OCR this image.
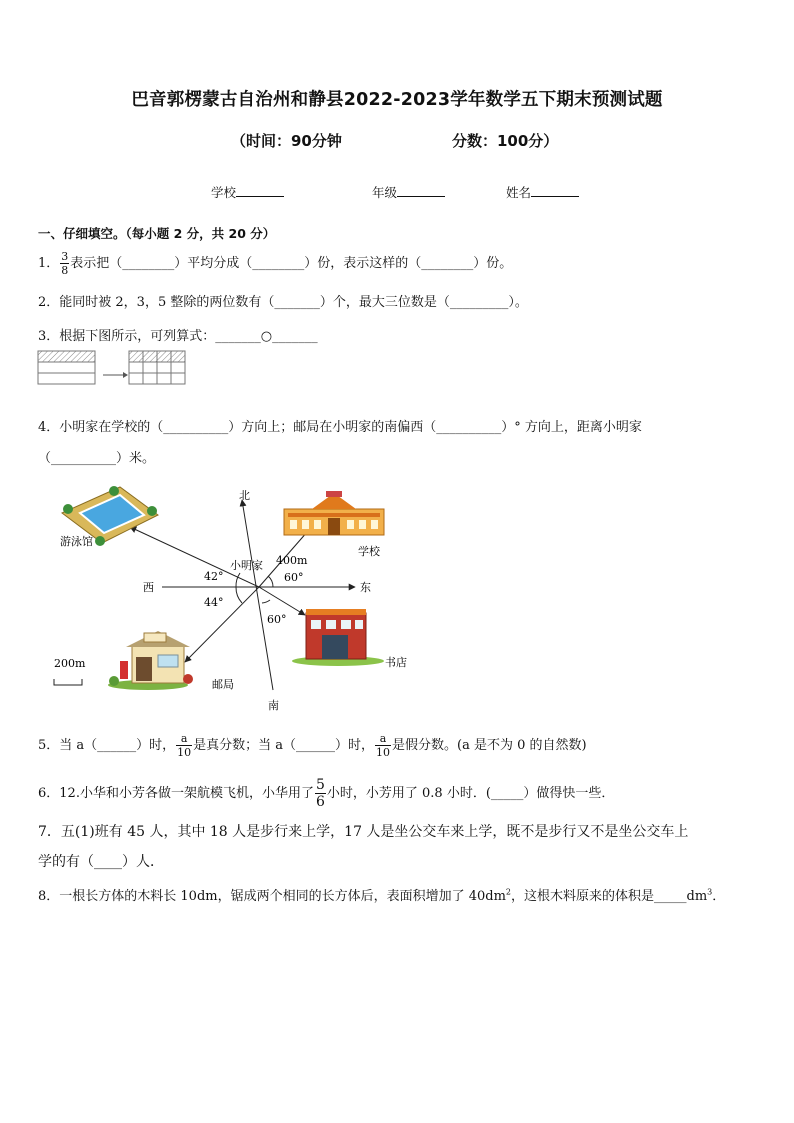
巴音郭楞蒙古自治州和静县2022-2023学年数学五下期末预测试题
（时间：90分钟	分数：100分）
学校	年级	姓名
一、仔细填空。（每小题 2 分，共 20 分）
1． $\frac{3}{8}$ 表示把（________）平均分成（________）份，表示这样的（________）份。
2．能同时被 2，3，5 整除的两位数有（_______）个，最大三位数是（_________）。
3．根据下图所示，可列算式：_______○_______
4．小明家在学校的（__________）方向上；邮局在小明家的南偏西（__________）° 方向上，距离小明家
（__________）米。
北
南
东
西
小明家
42°
44°
60°
60°
400m
游泳馆
学校
书店
邮局
200m
5．当 a（______）时， $\frac{a}{10}$ 是真分数；当 a（______）时， $\frac{a}{10}$ 是假分数。(a 是不为 0 的自然数)
6．12.小华和小芳各做一架航模飞机，小华用了 $\frac{5}{6}$ 小时，小芳用了 0.8 小时．(_____）做得快一些．
7．五(1)班有 45 人，其中 18 人是步行来上学，17 人是坐公交车来上学，既不是步行又不是坐公交车上
学的有（____）人．
8．一根长方体的木料长 10dm，锯成两个相同的长方体后，表面积增加了 $40dm^2$，这根木料原来的体积是$\_\_\_\_\_dm^3$．
